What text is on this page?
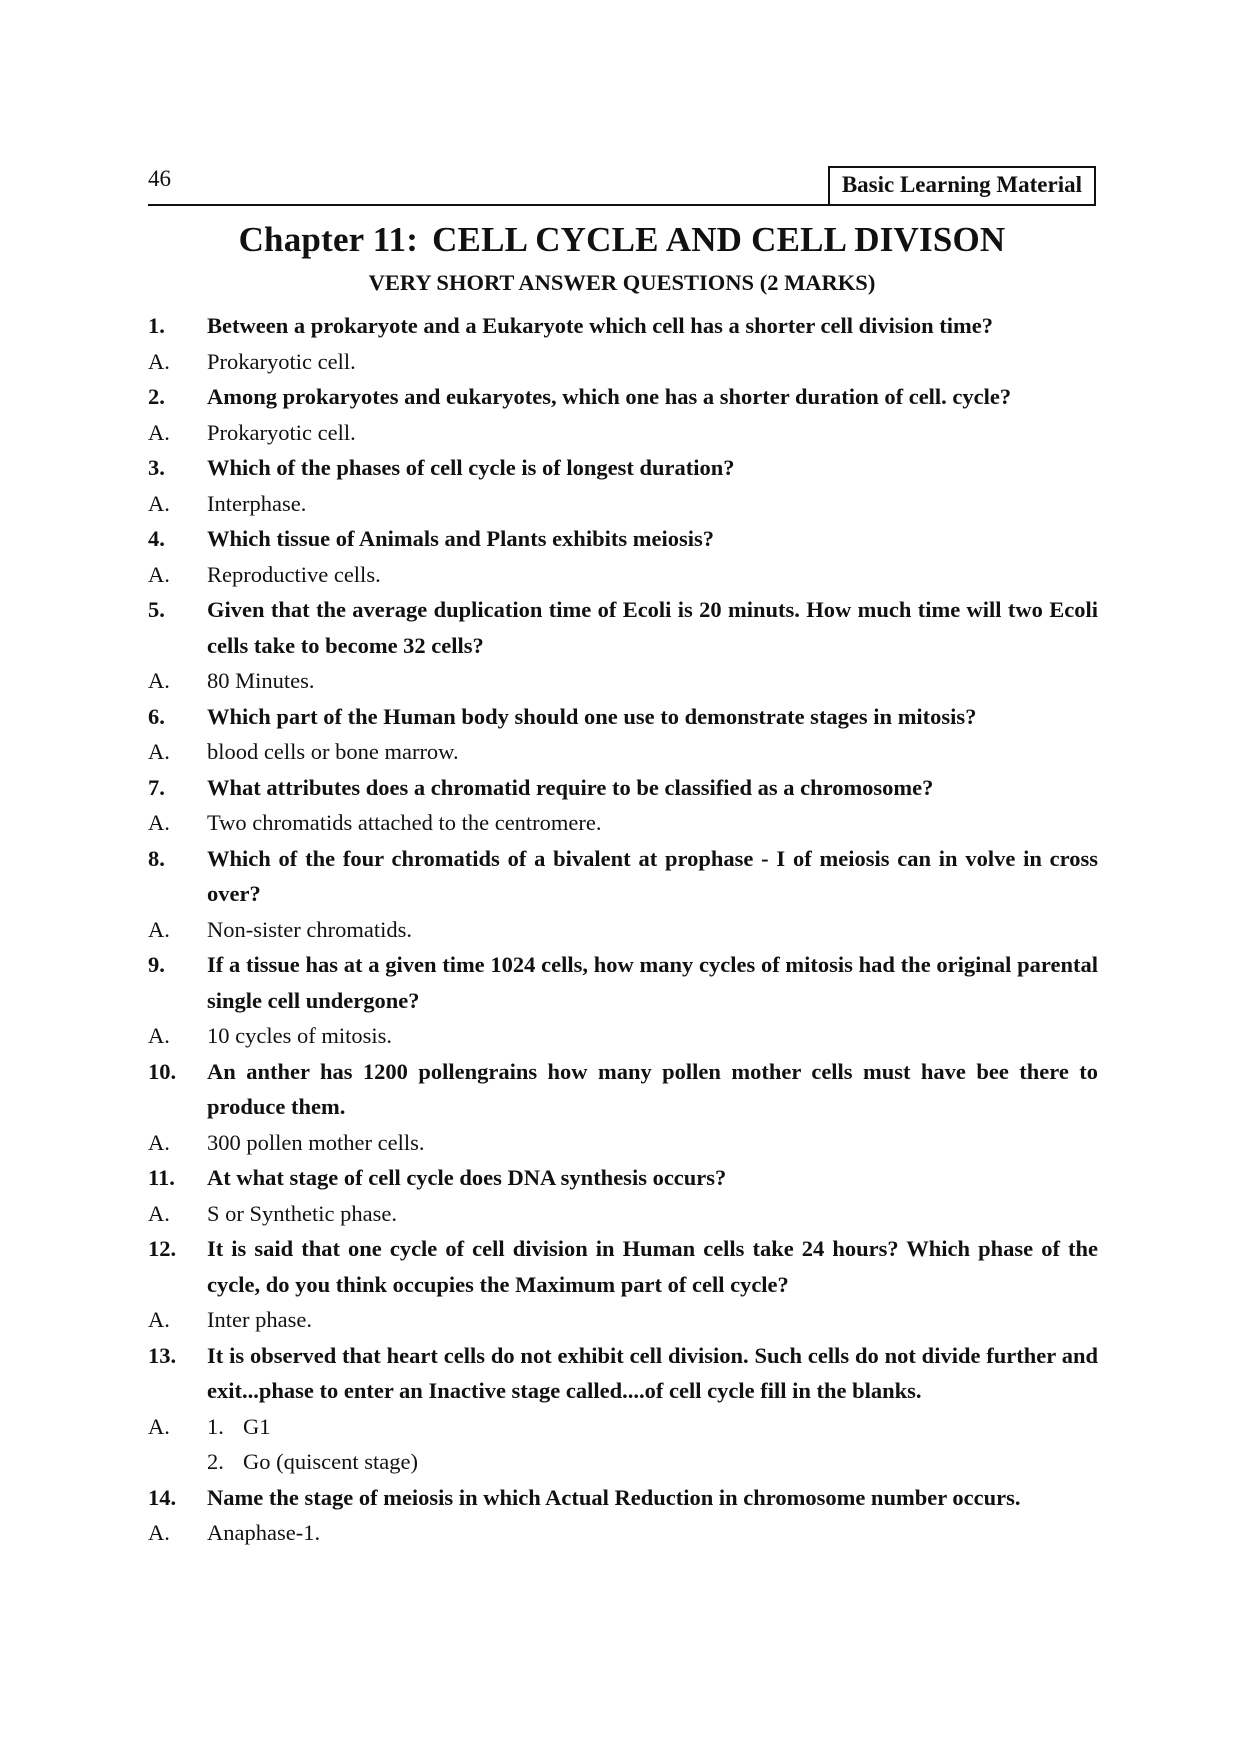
46	Basic Learning Material
Chapter 11: CELL CYCLE AND CELL DIVISON
VERY SHORT ANSWER QUESTIONS (2 MARKS)
1.	Between a prokaryote and a Eukaryote which cell has a shorter cell division time?
A.	Prokaryotic cell.
2.	Among prokaryotes and eukaryotes, which one has a shorter duration of cell. cycle?
A.	Prokaryotic cell.
3.	Which of the phases of cell cycle is of longest duration?
A.	Interphase.
4.	Which tissue of Animals and Plants exhibits meiosis?
A.	Reproductive cells.
5.	Given that the average duplication time of Ecoli is 20 minuts. How much time will two Ecoli cells take to become 32 cells?
A.	80 Minutes.
6.	Which part of the Human body should one use to demonstrate stages in mitosis?
A.	blood cells or bone marrow.
7.	What attributes does a chromatid require to be classified as a chromosome?
A.	Two chromatids attached to the centromere.
8.	Which of the four chromatids of a bivalent at prophase - I of meiosis can in volve in cross over?
A.	Non-sister chromatids.
9.	If a tissue has at a given time 1024 cells, how many cycles of mitosis had the original parental single cell undergone?
A.	10 cycles of mitosis.
10.	An anther has 1200 pollengrains how many pollen mother cells must have bee there to produce them.
A.	300 pollen mother cells.
11.	At what stage of cell cycle does DNA synthesis occurs?
A.	S or Synthetic phase.
12.	It is said that one cycle of cell division in Human cells take 24 hours? Which phase of the cycle, do you think occupies the Maximum part of cell cycle?
A.	Inter phase.
13.	It is observed that heart cells do not exhibit cell division. Such cells do not divide further and exit...phase to enter an Inactive stage called....of cell cycle fill in the blanks.
A.	1. G1
2. Go (quiscent stage)
14.	Name the stage of meiosis in which Actual Reduction in chromosome number occurs.
A.	Anaphase-1.
